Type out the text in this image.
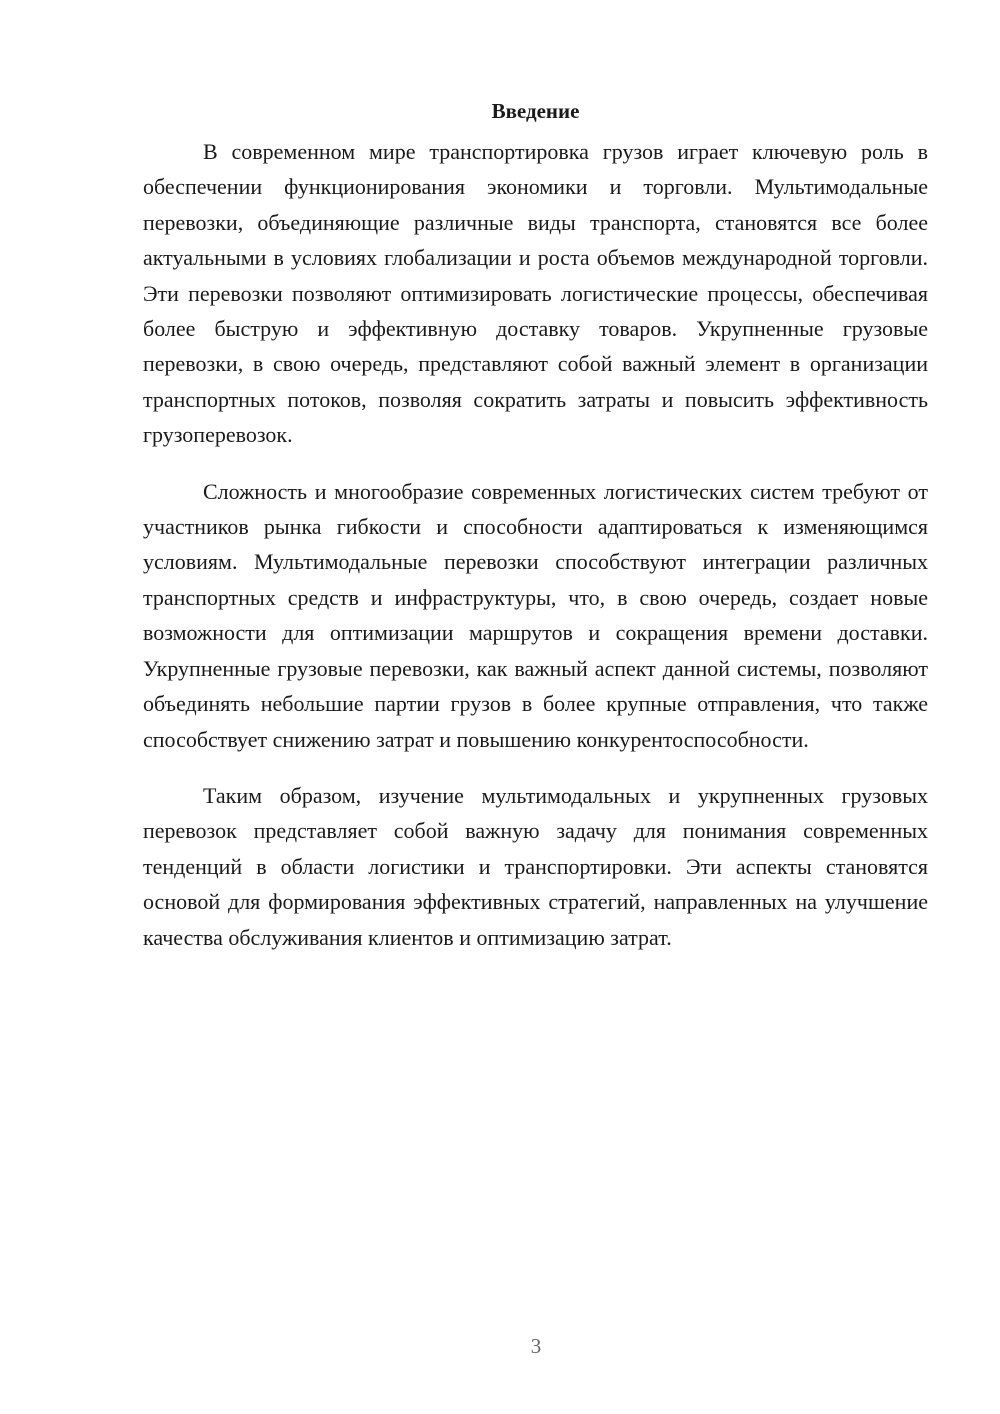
Введение

В современном мире транспортировка грузов играет ключевую роль в обеспечении функционирования экономики и торговли. Мультимодальные перевозки, объединяющие различные виды транспорта, становятся все более актуальными в условиях глобализации и роста объемов международной торговли. Эти перевозки позволяют оптимизировать логистические процессы, обеспечивая более быструю и эффективную доставку товаров. Укрупненные грузовые перевозки, в свою очередь, представляют собой важный элемент в организации транспортных потоков, позволяя сократить затраты и повысить эффективность грузоперевозок.

Сложность и многообразие современных логистических систем требуют от участников рынка гибкости и способности адаптироваться к изменяющимся условиям. Мультимодальные перевозки способствуют интеграции различных транспортных средств и инфраструктуры, что, в свою очередь, создает новые возможности для оптимизации маршрутов и сокращения времени доставки. Укрупненные грузовые перевозки, как важный аспект данной системы, позволяют объединять небольшие партии грузов в более крупные отправления, что также способствует снижению затрат и повышению конкурентоспособности.

Таким образом, изучение мультимодальных и укрупненных грузовых перевозок представляет собой важную задачу для понимания современных тенденций в области логистики и транспортировки. Эти аспекты становятся основой для формирования эффективных стратегий, направленных на улучшение качества обслуживания клиентов и оптимизацию затрат.

3
